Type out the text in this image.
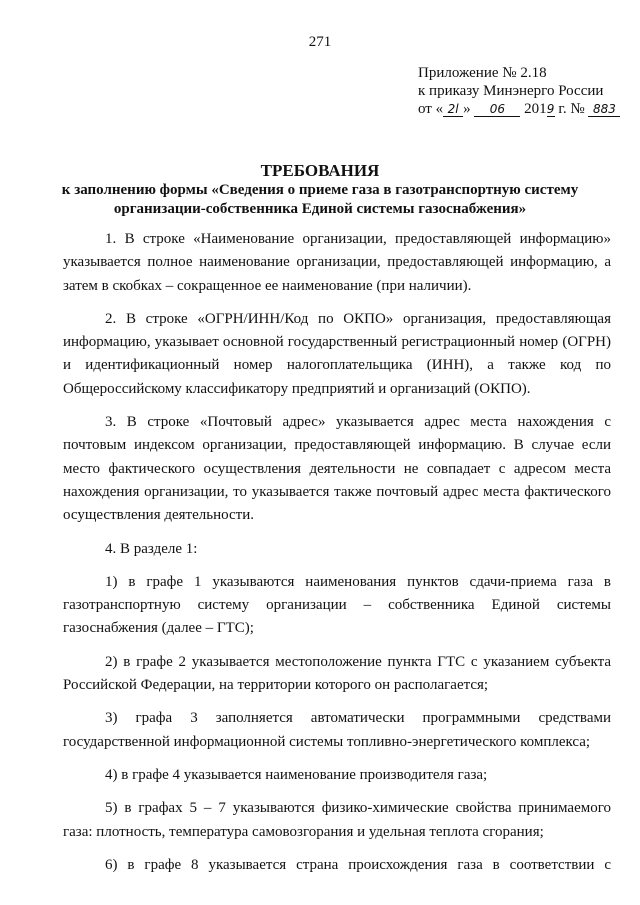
271
Приложение № 2.18
к приказу Минэнерго России
от « 2l » 06 2019 г. № 883
ТРЕБОВАНИЯ
к заполнению формы «Сведения о приеме газа в газотранспортную систему
организации-собственника Единой системы газоснабжения»

1. В строке «Наименование организации, предоставляющей информацию» указывается полное наименование организации, предоставляющей информацию, а затем в скобках – сокращенное ее наименование (при наличии).

2. В строке «ОГРН/ИНН/Код по ОКПО» организация, предоставляющая информацию, указывает основной государственный регистрационный номер (ОГРН) и идентификационный номер налогоплательщика (ИНН), а также код по Общероссийскому классификатору предприятий и организаций (ОКПО).

3. В строке «Почтовый адрес» указывается адрес места нахождения с почтовым индексом организации, предоставляющей информацию. В случае если место фактического осуществления деятельности не совпадает с адресом места нахождения организации, то указывается также почтовый адрес места фактического осуществления деятельности.

4. В разделе 1:

1) в графе 1 указываются наименования пунктов сдачи-приема газа в газотранспортную систему организации – собственника Единой системы газоснабжения (далее – ГТС);

2) в графе 2 указывается местоположение пункта ГТС с указанием субъекта Российской Федерации, на территории которого он располагается;

3) графа 3 заполняется автоматически программными средствами государственной информационной системы топливно-энергетического комплекса;

4) в графе 4 указывается наименование производителя газа;

5) в графах 5 – 7 указываются физико-химические свойства принимаемого газа: плотность, температура самовозгорания и удельная теплота сгорания;

6) в графе 8 указывается страна происхождения газа в соответствии с
